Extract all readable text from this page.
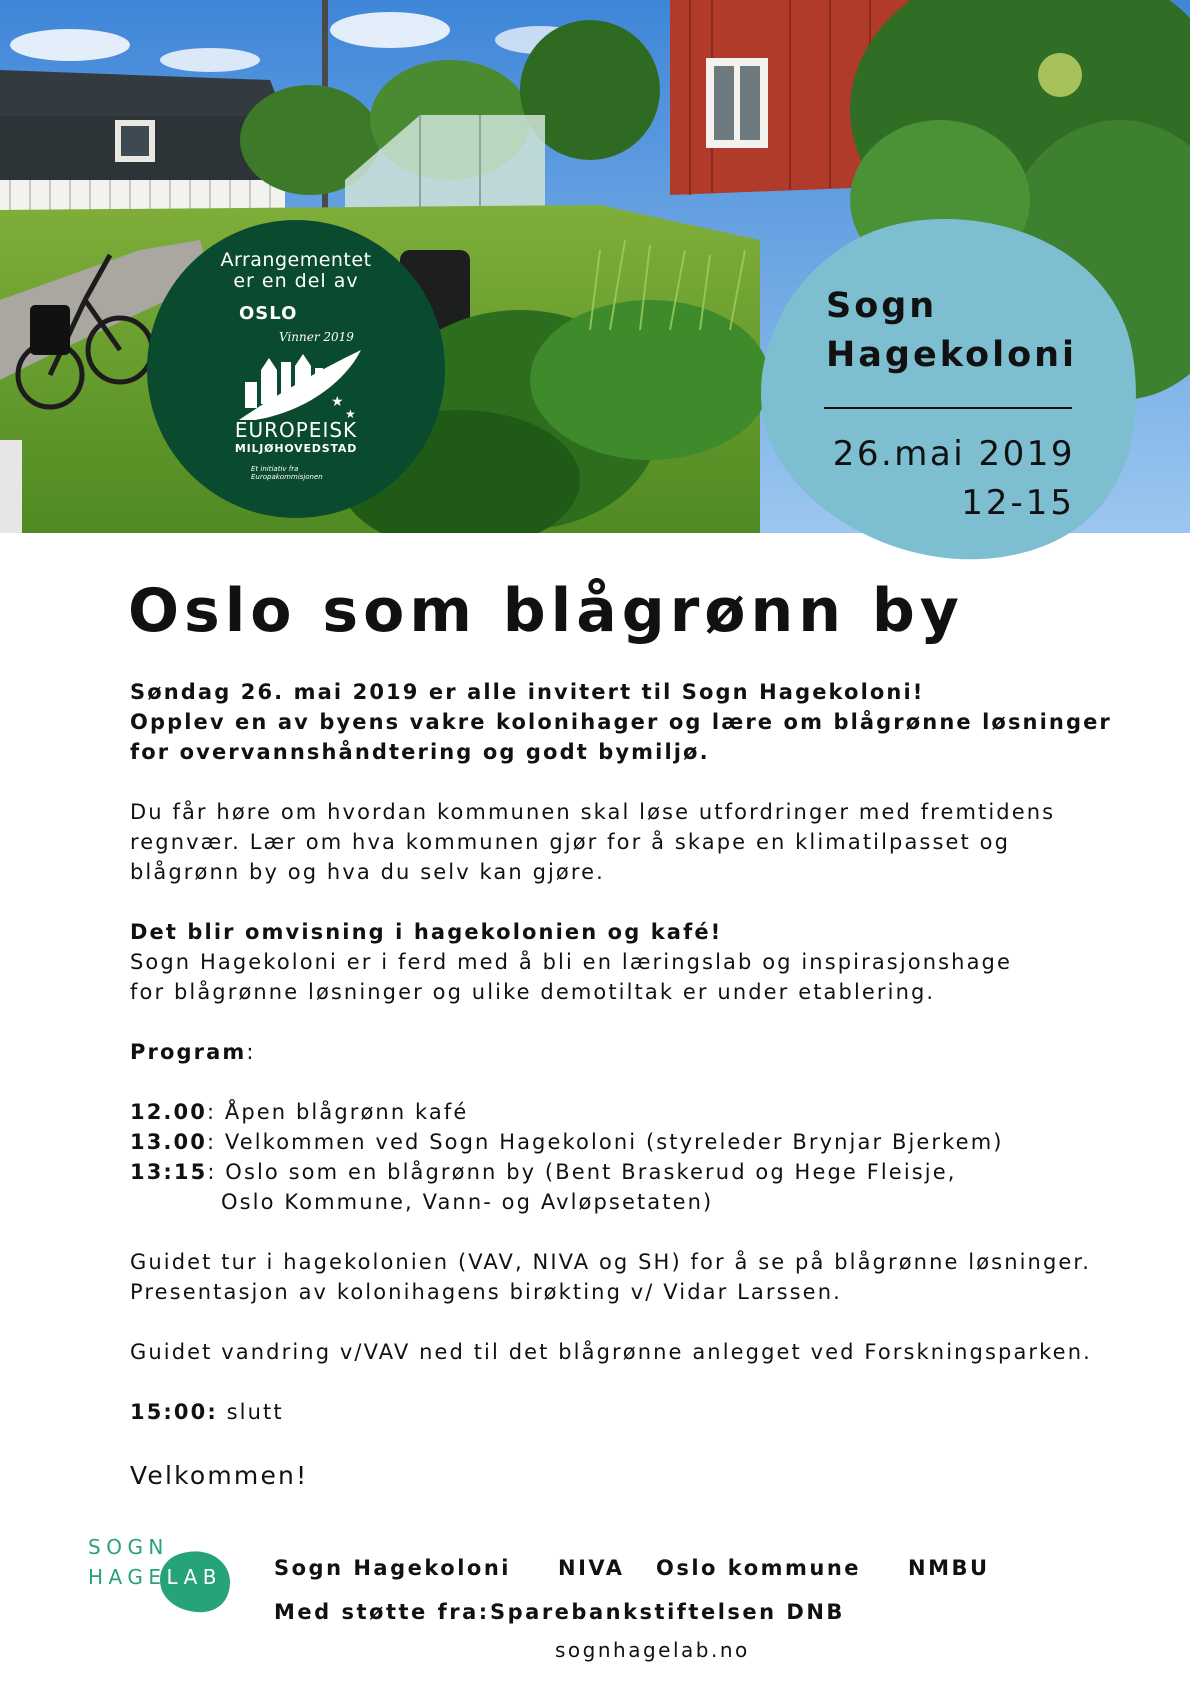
Arrangementet
er en del av
OSLO
Vinner 2019
★
★
EUROPEISK
MILJØHOVEDSTAD
Et initiativ fra Europakommisjonen
Sogn
Hagekoloni
26.mai 2019
12-15
Oslo som blågrønn by
Søndag 26. mai 2019 er alle invitert til Sogn Hagekoloni!
Opplev en av byens vakre kolonihager og lære om blågrønne løsninger
for overvannshåndtering og godt bymiljø.
Du får høre om hvordan kommunen skal løse utfordringer med fremtidens
regnvær. Lær om hva kommunen gjør for å skape en klimatilpasset og
blågrønn by og hva du selv kan gjøre.
Det blir omvisning i hagekolonien og kafé!
Sogn Hagekoloni er i ferd med å bli en læringslab og inspirasjonshage
for blågrønne løsninger og ulike demotiltak er under etablering.
Program:
12.00: Åpen blågrønn kafé
13.00: Velkommen ved Sogn Hagekoloni (styreleder Brynjar Bjerkem)
13:15: Oslo som en blågrønn by (Bent Braskerud og Hege Fleisje,
Oslo Kommune, Vann- og Avløpsetaten)
Guidet tur i hagekolonien (VAV, NIVA og SH) for å se på blågrønne løsninger.
Presentasjon av kolonihagens birøkting v/ Vidar Larssen.
Guidet vandring v/VAV ned til det blågrønne anlegget ved Forskningsparken.
15:00: slutt
Velkommen!
SOGN
HAGELAB Sogn Hagekoloni NIVA Oslo kommune NMBU
Med støtte fra: Sparebankstiftelsen DNB
sognhagelab.no
